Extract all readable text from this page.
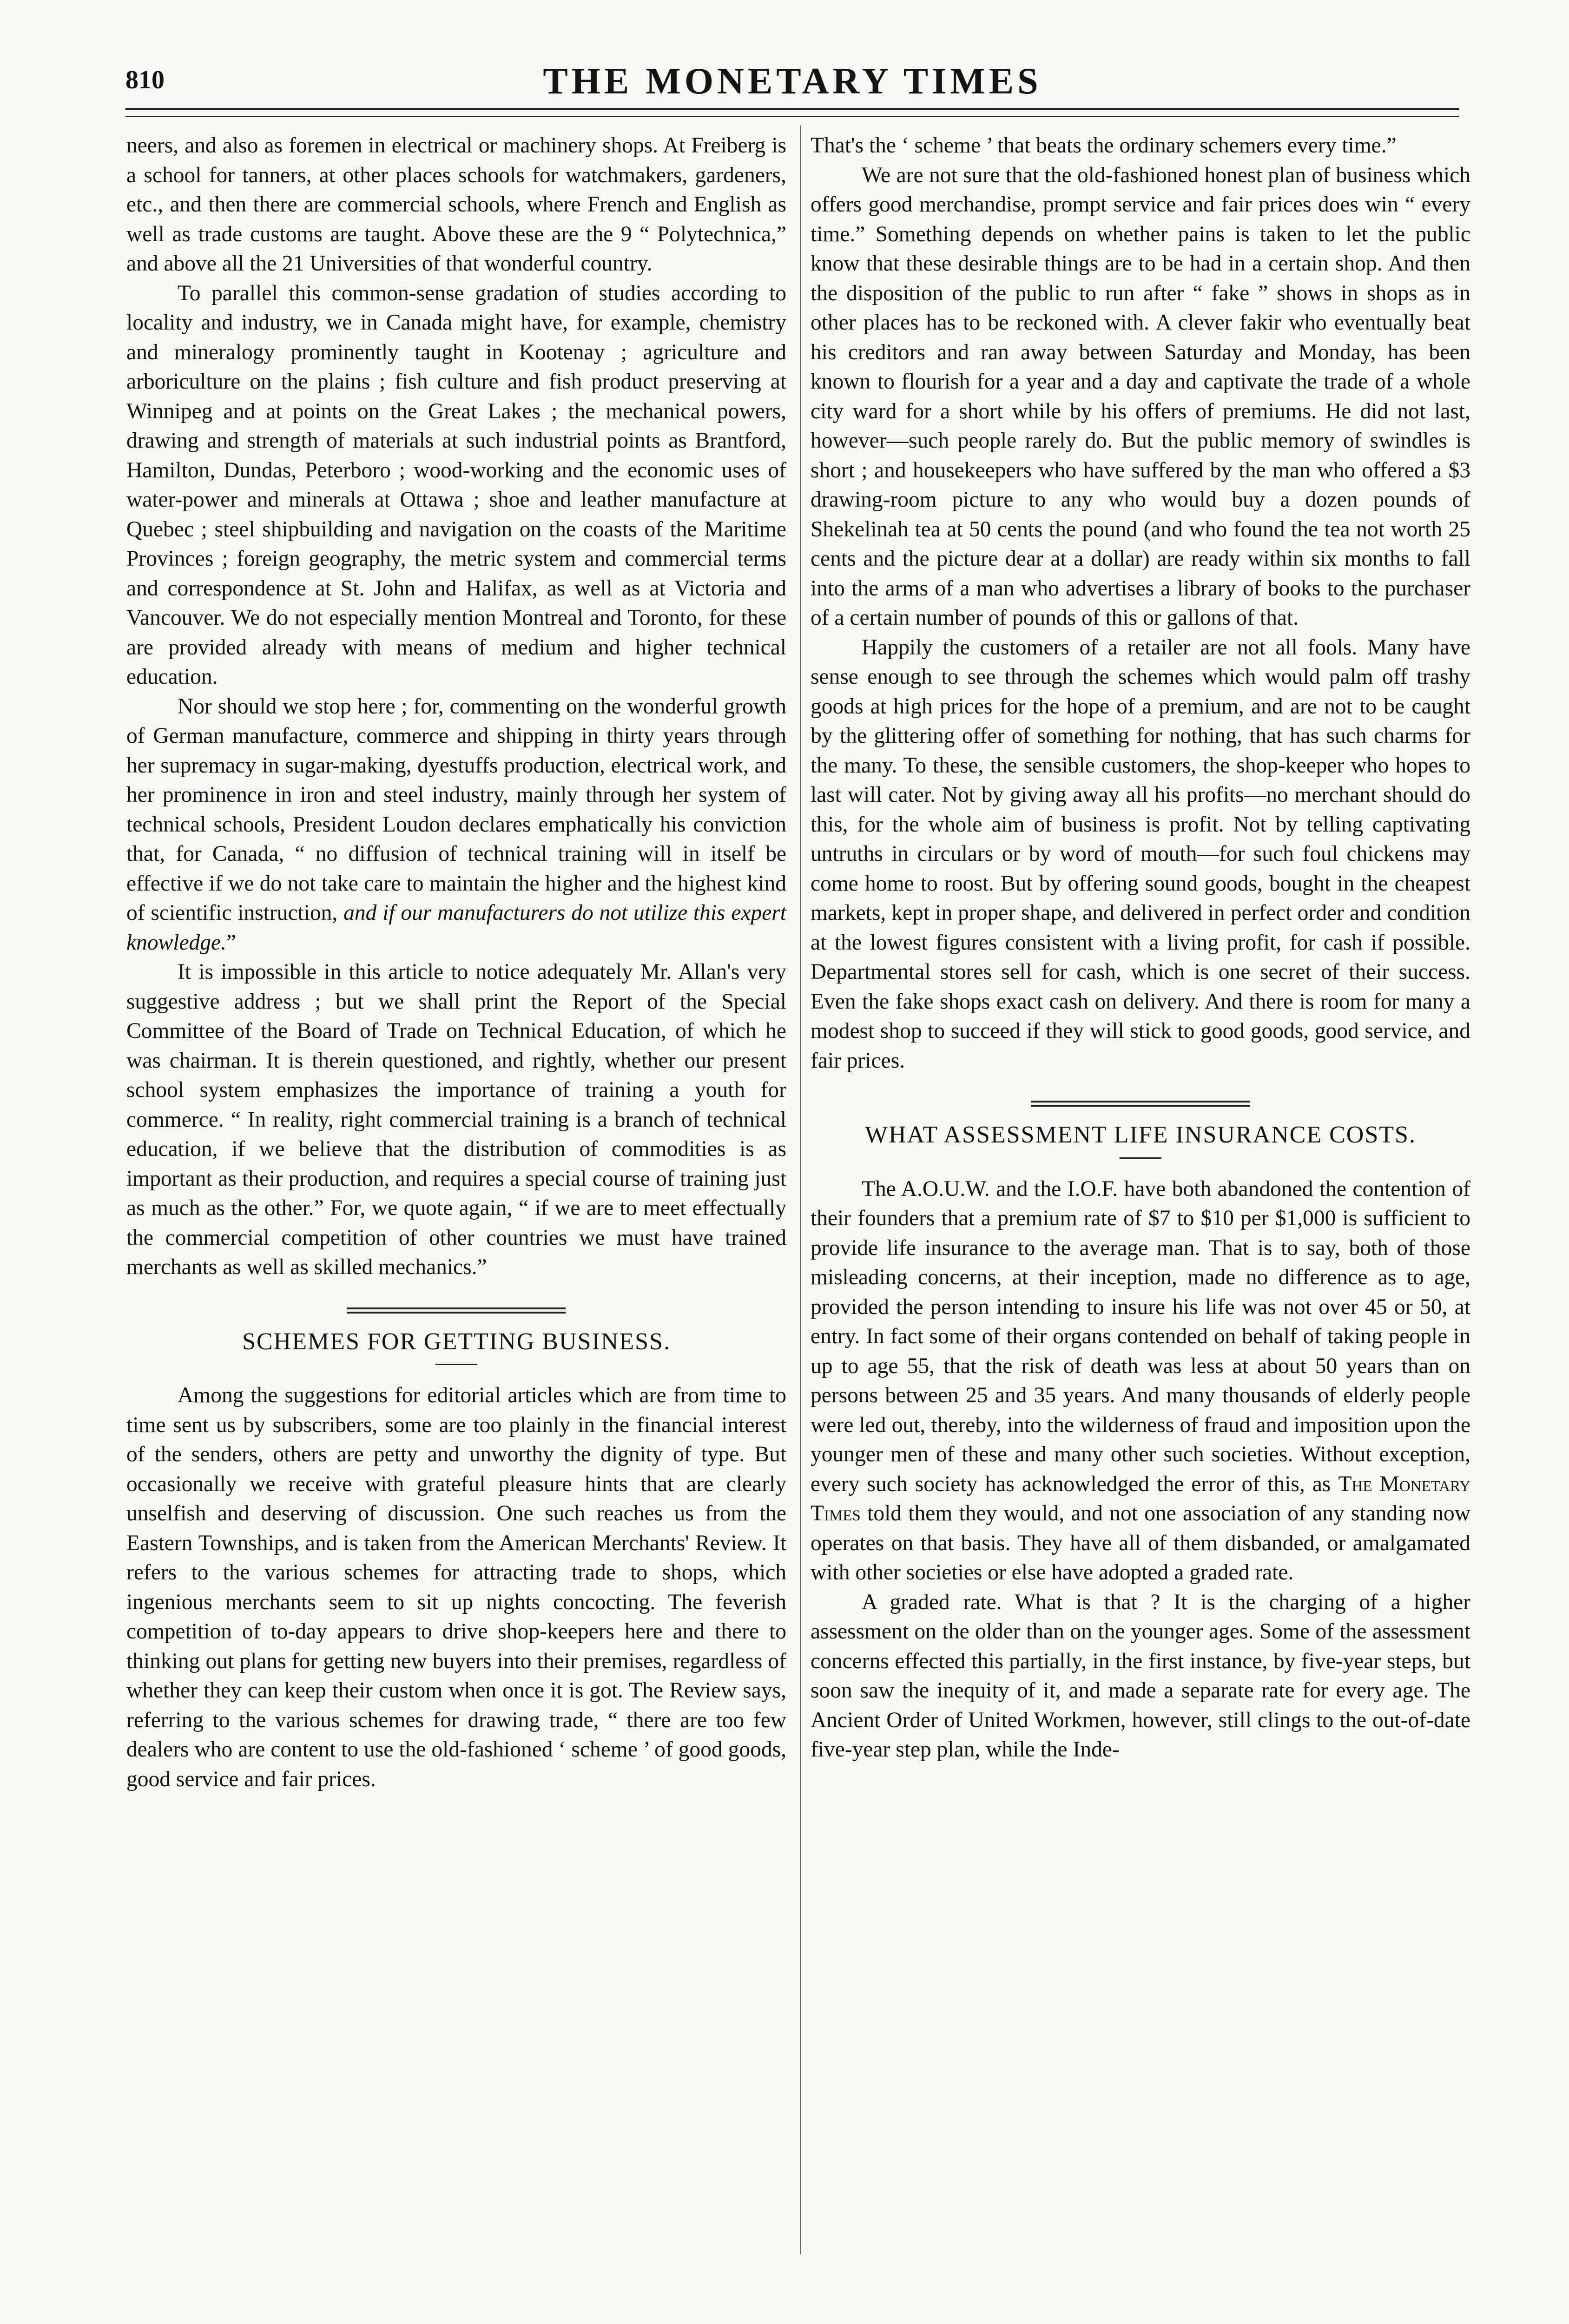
810	THE MONETARY TIMES

neers, and also as foremen in electrical or machinery shops. At Freiberg is a school for tanners, at other places schools for watchmakers, gardeners, etc., and then there are commercial schools, where French and English as well as trade customs are taught. Above these are the 9 “ Polytechnica,” and above all the 21 Universities of that wonderful country.

To parallel this common-sense gradation of studies according to locality and industry, we in Canada might have, for example, chemistry and mineralogy prominently taught in Kootenay ; agriculture and arboriculture on the plains ; fish culture and fish product preserving at Winnipeg and at points on the Great Lakes ; the mechanical powers, drawing and strength of materials at such industrial points as Brantford, Hamilton, Dundas, Peterboro ; wood-working and the economic uses of water-power and minerals at Ottawa ; shoe and leather manufacture at Quebec ; steel shipbuilding and navigation on the coasts of the Maritime Provinces ; foreign geography, the metric system and commercial terms and correspondence at St. John and Halifax, as well as at Victoria and Vancouver. We do not especially mention Montreal and Toronto, for these are provided already with means of medium and higher technical education.

Nor should we stop here ; for, commenting on the wonderful growth of German manufacture, commerce and shipping in thirty years through her supremacy in sugar-making, dyestuffs production, electrical work, and her prominence in iron and steel industry, mainly through her system of technical schools, President Loudon declares emphatically his conviction that, for Canada, “ no diffusion of technical training will in itself be effective if we do not take care to maintain the higher and the highest kind of scientific instruction, and if our manufacturers do not utilize this expert knowledge.”

It is impossible in this article to notice adequately Mr. Allan's very suggestive address ; but we shall print the Report of the Special Committee of the Board of Trade on Technical Education, of which he was chairman. It is therein questioned, and rightly, whether our present school system emphasizes the importance of training a youth for commerce. “ In reality, right commercial training is a branch of technical education, if we believe that the distribution of commodities is as important as their production, and requires a special course of training just as much as the other.” For, we quote again, “ if we are to meet effectually the commercial competition of other countries we must have trained merchants as well as skilled mechanics.”

SCHEMES FOR GETTING BUSINESS.

Among the suggestions for editorial articles which are from time to time sent us by subscribers, some are too plainly in the financial interest of the senders, others are petty and unworthy the dignity of type. But occasionally we receive with grateful pleasure hints that are clearly unselfish and deserving of discussion. One such reaches us from the Eastern Townships, and is taken from the American Merchants' Review. It refers to the various schemes for attracting trade to shops, which ingenious merchants seem to sit up nights concocting. The feverish competition of to-day appears to drive shop-keepers here and there to thinking out plans for getting new buyers into their premises, regardless of whether they can keep their custom when once it is got. The Review says, referring to the various schemes for drawing trade, “ there are too few dealers who are content to use the old-fashioned ‘ scheme ’ of good goods, good service and fair prices.

That's the ‘ scheme ’ that beats the ordinary schemers every time.”

We are not sure that the old-fashioned honest plan of business which offers good merchandise, prompt service and fair prices does win “ every time.” Something depends on whether pains is taken to let the public know that these desirable things are to be had in a certain shop. And then the disposition of the public to run after “ fake ” shows in shops as in other places has to be reckoned with. A clever fakir who eventually beat his creditors and ran away between Saturday and Monday, has been known to flourish for a year and a day and captivate the trade of a whole city ward for a short while by his offers of premiums. He did not last, however—such people rarely do. But the public memory of swindles is short ; and housekeepers who have suffered by the man who offered a $3 drawing-room picture to any who would buy a dozen pounds of Shekelinah tea at 50 cents the pound (and who found the tea not worth 25 cents and the picture dear at a dollar) are ready within six months to fall into the arms of a man who advertises a library of books to the purchaser of a certain number of pounds of this or gallons of that.

Happily the customers of a retailer are not all fools. Many have sense enough to see through the schemes which would palm off trashy goods at high prices for the hope of a premium, and are not to be caught by the glittering offer of something for nothing, that has such charms for the many. To these, the sensible customers, the shop-keeper who hopes to last will cater. Not by giving away all his profits—no merchant should do this, for the whole aim of business is profit. Not by telling captivating untruths in circulars or by word of mouth—for such foul chickens may come home to roost. But by offering sound goods, bought in the cheapest markets, kept in proper shape, and delivered in perfect order and condition at the lowest figures consistent with a living profit, for cash if possible. Departmental stores sell for cash, which is one secret of their success. Even the fake shops exact cash on delivery. And there is room for many a modest shop to succeed if they will stick to good goods, good service, and fair prices.

WHAT ASSESSMENT LIFE INSURANCE COSTS.

The A.O.U.W. and the I.O.F. have both abandoned the contention of their founders that a premium rate of $7 to $10 per $1,000 is sufficient to provide life insurance to the average man. That is to say, both of those misleading concerns, at their inception, made no difference as to age, provided the person intending to insure his life was not over 45 or 50, at entry. In fact some of their organs contended on behalf of taking people in up to age 55, that the risk of death was less at about 50 years than on persons between 25 and 35 years. And many thousands of elderly people were led out, thereby, into the wilderness of fraud and imposition upon the younger men of these and many other such societies. Without exception, every such society has acknowledged the error of this, as The Monetary Times told them they would, and not one association of any standing now operates on that basis. They have all of them disbanded, or amalgamated with other societies or else have adopted a graded rate.

A graded rate. What is that ? It is the charging of a higher assessment on the older than on the younger ages. Some of the assessment concerns effected this partially, in the first instance, by five-year steps, but soon saw the inequity of it, and made a separate rate for every age. The Ancient Order of United Workmen, however, still clings to the out-of-date five-year step plan, while the Inde-
